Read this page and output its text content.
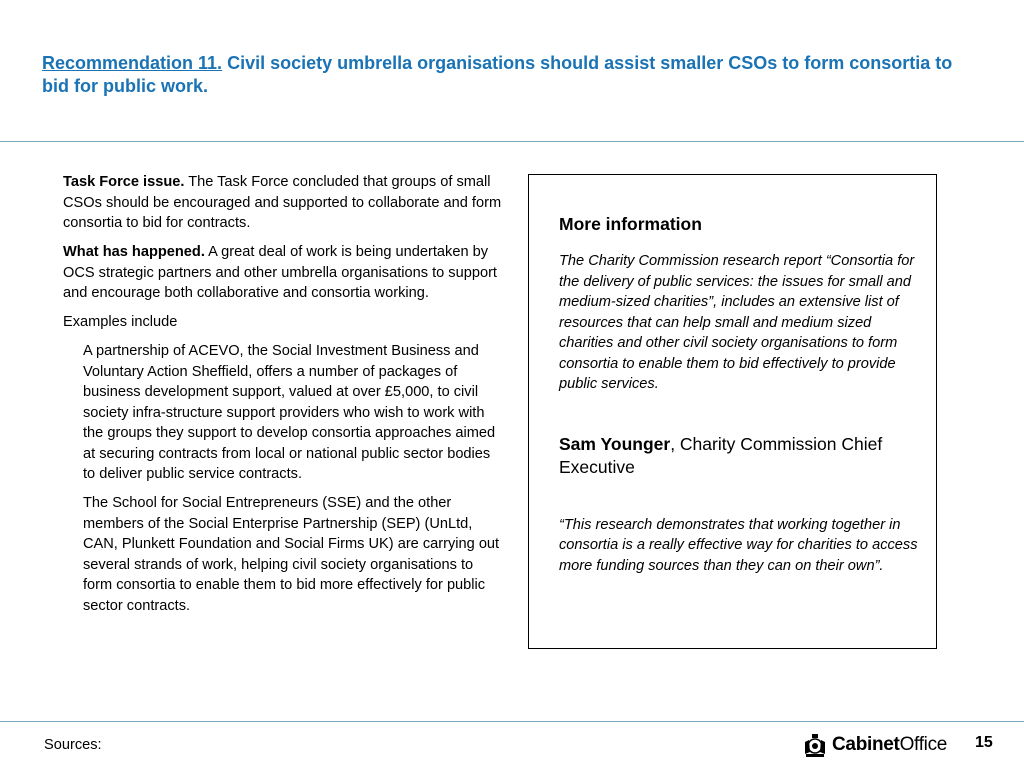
Recommendation 11. Civil society umbrella organisations should assist smaller CSOs to form consortia to bid for public work.

Task Force issue. The Task Force concluded that groups of small CSOs should be encouraged and supported to collaborate and form consortia to bid for contracts.

What has happened. A great deal of work is being undertaken by OCS strategic partners and other umbrella organisations to support and encourage both collaborative and consortia working.

Examples include

A partnership of ACEVO, the Social Investment Business and Voluntary Action Sheffield, offers a number of packages of business development support, valued at over £5,000, to civil society infra-structure support providers who wish to work with the groups they support to develop consortia approaches aimed at securing contracts from local or national public sector bodies to deliver public service contracts.

The School for Social Entrepreneurs (SSE) and the other members of the Social Enterprise Partnership (SEP) (UnLtd, CAN, Plunkett Foundation and Social Firms UK) are carrying out several strands of work, helping civil society organisations to form consortia to enable them to bid more effectively for public sector contracts.

More information

The Charity Commission research report “Consortia for the delivery of public services: the issues for small and medium-sized charities”, includes an extensive list of resources that can help small and medium sized charities and other civil society organisations to form consortia to enable them to bid effectively to provide public services.

Sam Younger, Charity Commission Chief Executive

“This research demonstrates that working together in consortia is a really effective way for charities to access more funding sources than they can on their own”.

Sources:	CabinetOffice 15
